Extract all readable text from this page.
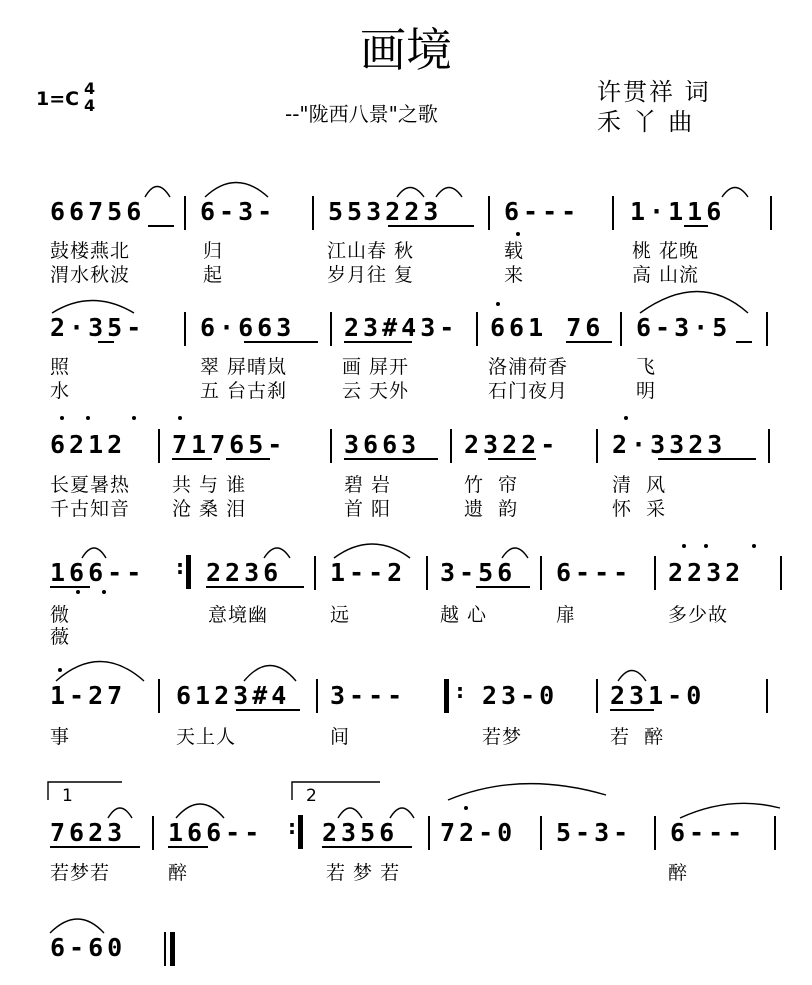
画境
1=C 4
4	--"陇西八景"之歌
许贯祥 词
禾 丫 曲
66756 6-3- 553223 6--- 1·116
鼓楼燕北	归	江山春 秋	载	桃 花晚
渭水秋波	起	岁月往 复	来	高 山流
2·35- 6·663 23#43- 661 76 6-3·5
照	翠 屏晴岚	画 屏开	洛浦荷香	飞
水	五 台古刹	云 天外	石门夜月	明
6212 71765- 3663 2322- 2·3323
长夏暑热 共 与 谁	碧 岩	竹  帘	清  风
千古知音 沧 桑 泪	首 阳	遗  韵	怀  采
166-- : 2236 1--2 3-56 6--- 2232
微	意境幽	远	越 心	扉	多少故
薇
1-27 6123#4 3--- : 23-0 231-0
事	天上人	间	若梦	若  醉
1	2
7623 166-- : 2356 72-0 5-3- 6---
若梦若	醉	若 梦 若	醉
6-60
